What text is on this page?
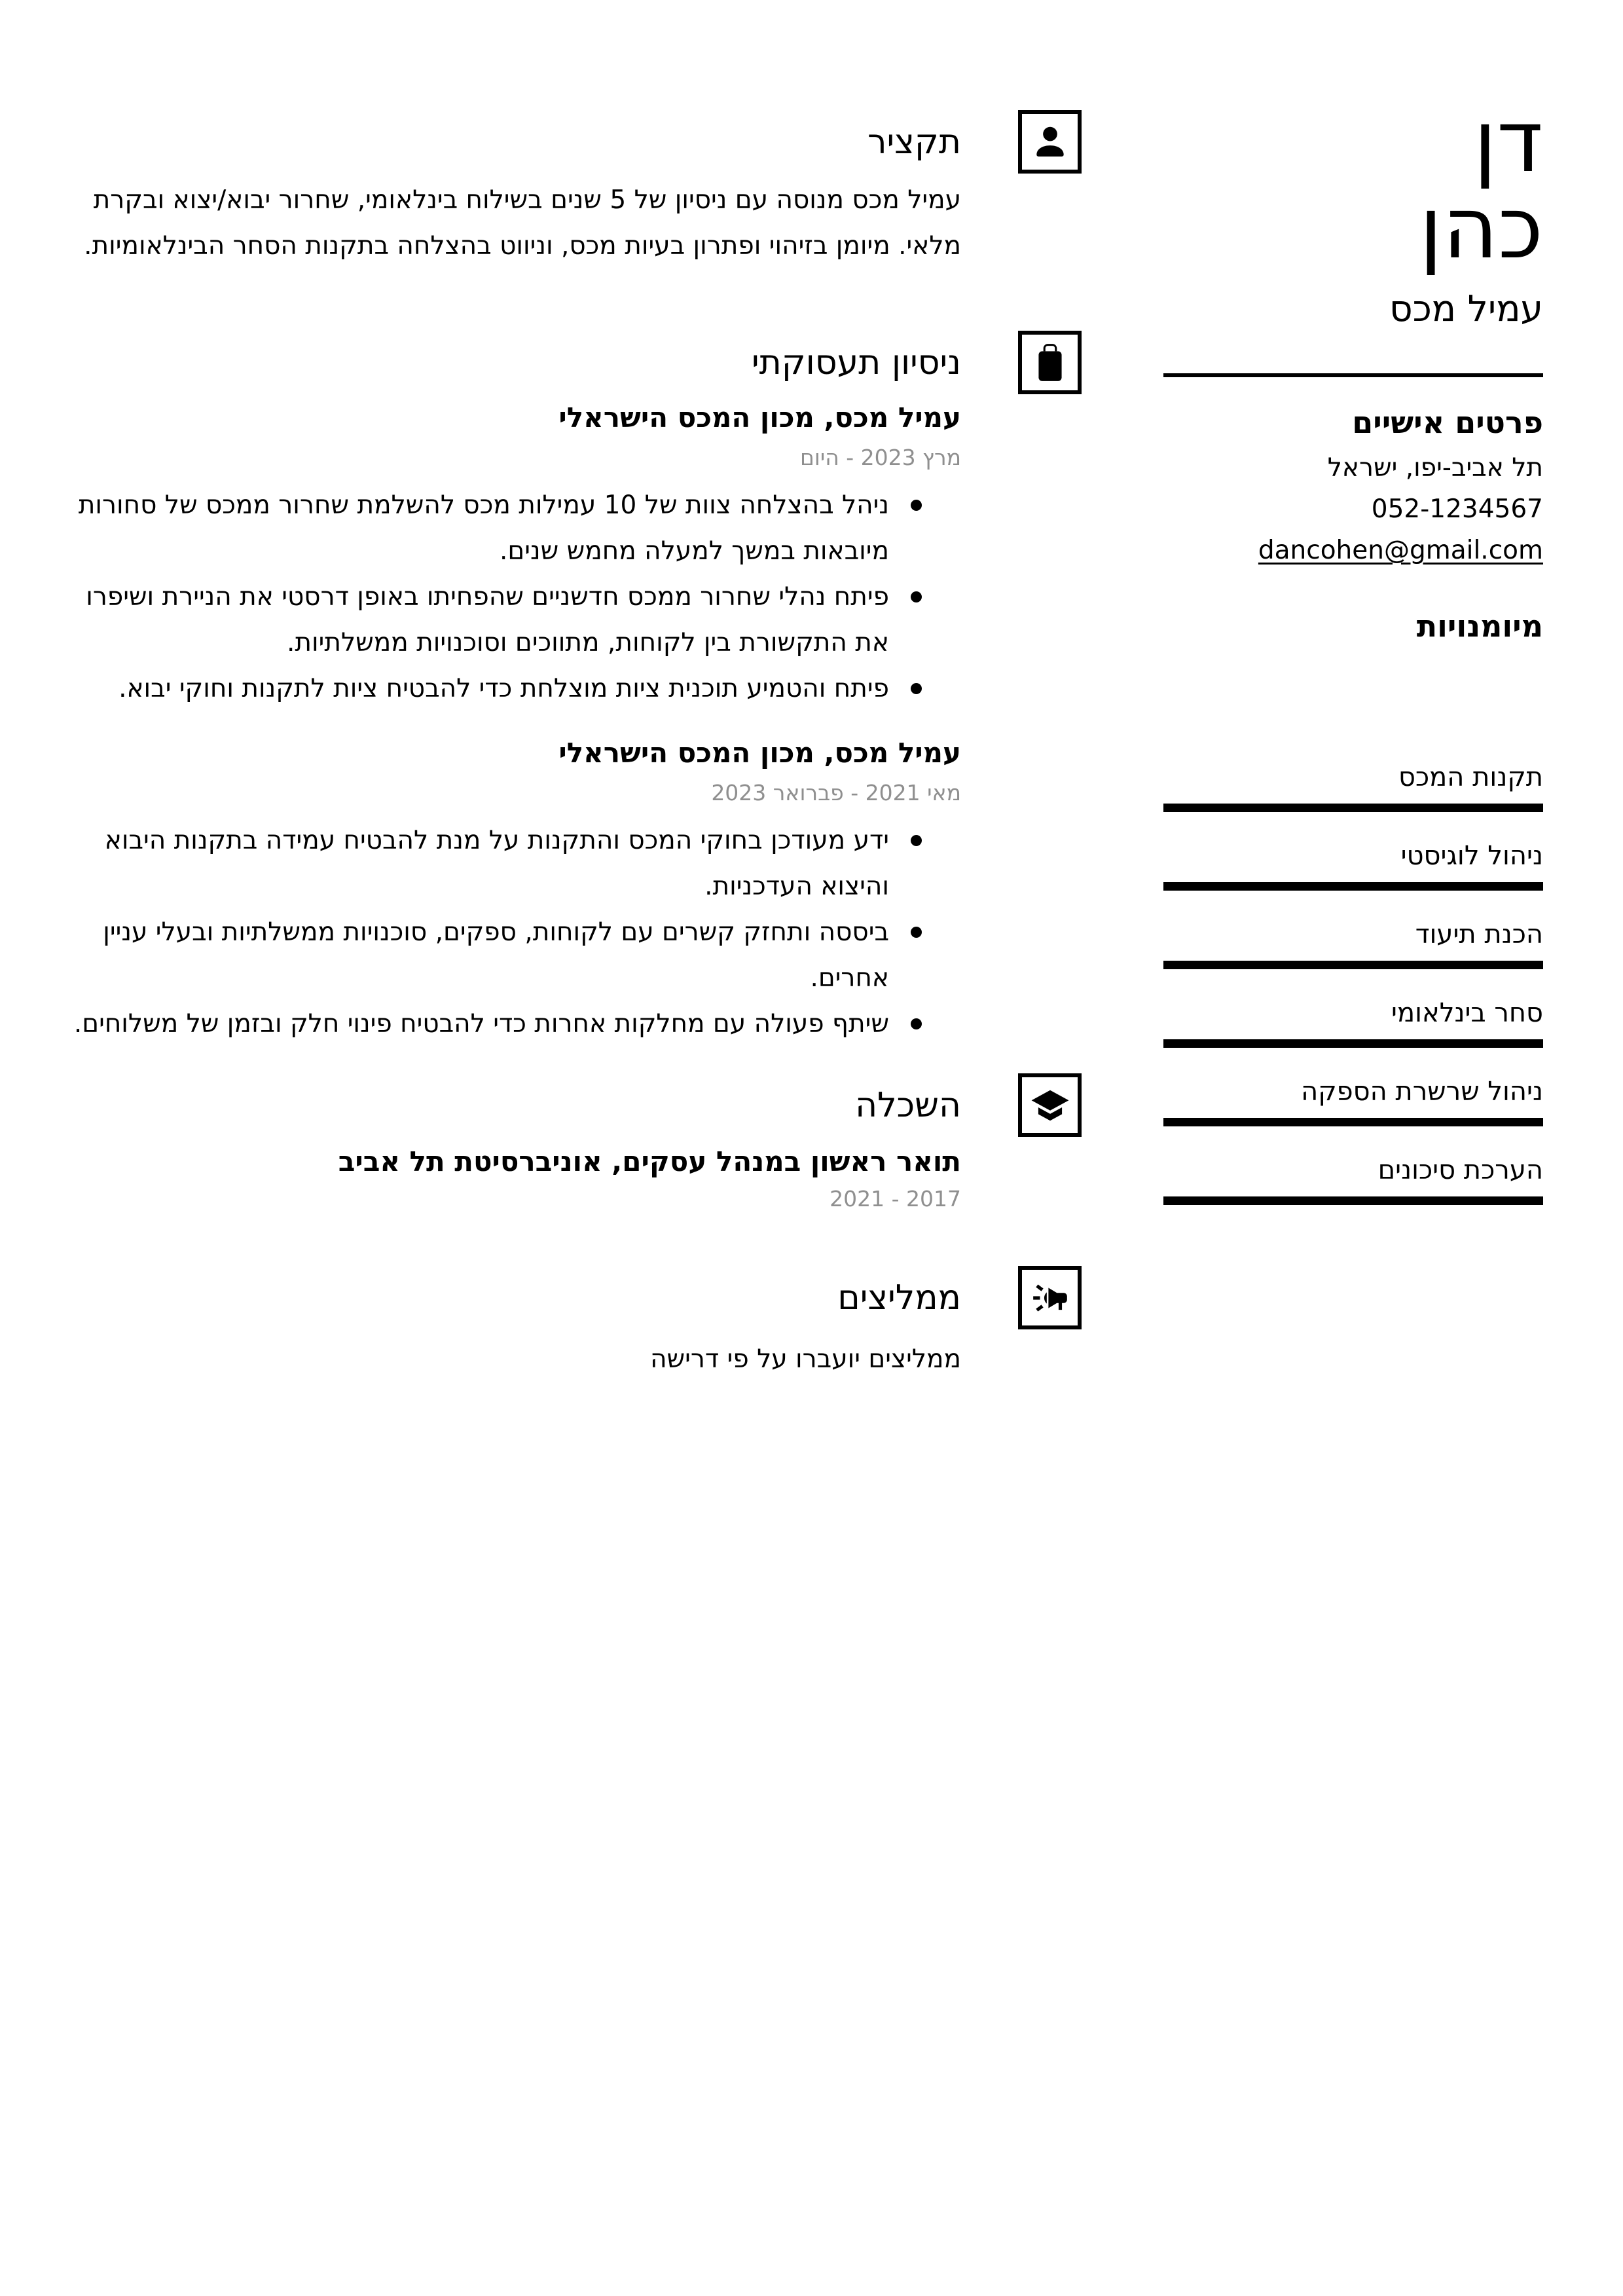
תקציר

עמיל מכס מנוסה עם ניסיון של 5 שנים בשילוח בינלאומי, שחרור יבוא/יצוא ובקרת מלאי. מיומן בזיהוי ופתרון בעיות מכס, וניווט בהצלחה בתקנות הסחר הבינלאומיות.

ניסיון תעסוקתי
עמיל מכס, מכון המכס הישראלי
מרץ 2023 - היום
ניהל בהצלחה צוות של 10 עמילות מכס להשלמת שחרור ממכס של סחורות מיובאות במשך למעלה מחמש שנים.
פיתח נהלי שחרור ממכס חדשניים שהפחיתו באופן דרסטי את הניירת ושיפרו את התקשורת בין לקוחות, מתווכים וסוכנויות ממשלתיות.
פיתח והטמיע תוכנית ציות מוצלחת כדי להבטיח ציות לתקנות וחוקי יבוא.
עמיל מכס, מכון המכס הישראלי
מאי 2021 - פברואר 2023
ידע מעודכן בחוקי המכס והתקנות על מנת להבטיח עמידה בתקנות היבוא והיצוא העדכניות.
ביססה ותחזק קשרים עם לקוחות, ספקים, סוכנויות ממשלתיות ובעלי עניין אחרים.
שיתף פעולה עם מחלקות אחרות כדי להבטיח פינוי חלק ובזמן של משלוחים.
השכלה
תואר ראשון במנהל עסקים, אוניברסיטת תל אביב
2017 - 2021
ממליצים

ממליצים יועברו על פי דרישה

דן
כהן
עמיל מכס
פרטים אישיים
תל אביב-יפו, ישראל
052-1234567
dancohen@gmail.com
מיומנויות
תקנות המכס
ניהול לוגיסטי
הכנת תיעוד
סחר בינלאומי
ניהול שרשרת הספקה
הערכת סיכונים
